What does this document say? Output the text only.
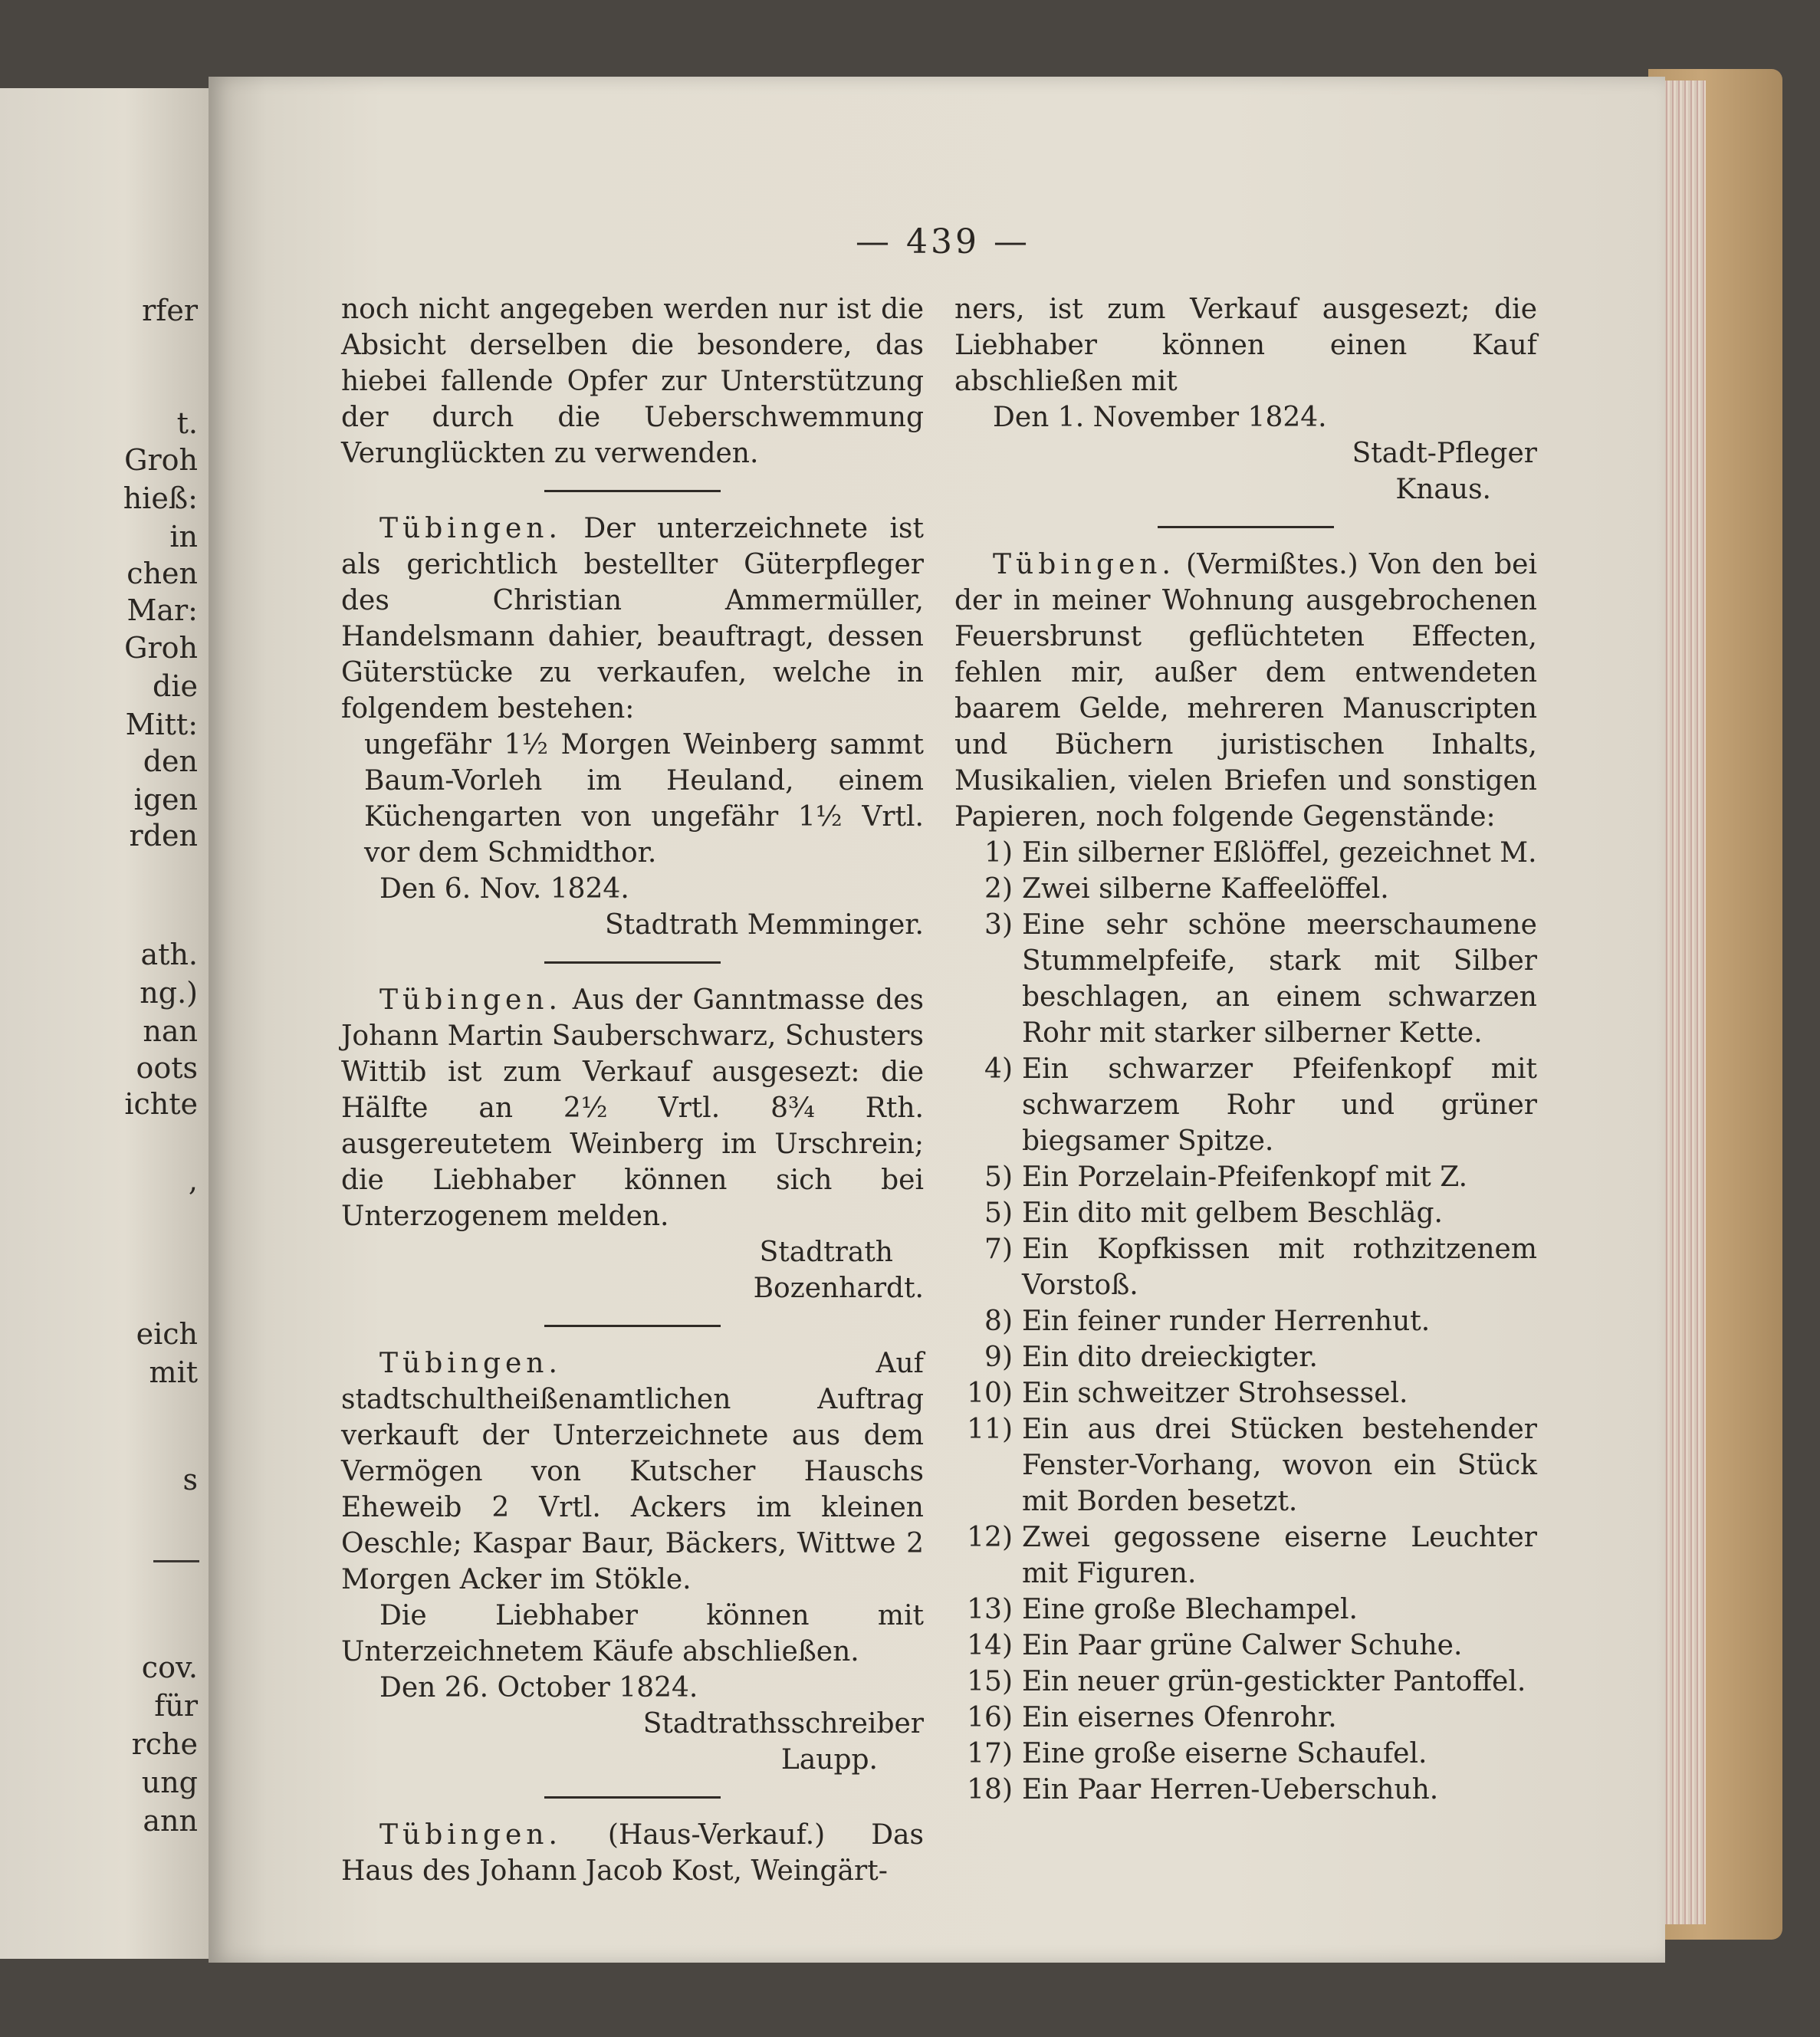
rfer
t.
Groh
hieß:
in
chen
Mar:
Groh
die
Mitt:
den
igen
rden
ath.
ng.)
nan
oots
ichte
,
eich
mit
s
cov.
für
rche
ung
ann
— 439 —

noch nicht angegeben werden nur ist die Absicht derselben die besondere, das hiebei fallende Opfer zur Unterstützung der durch die Ueberschwemmung Verunglückten zu verwenden.

Tübingen. Der unterzeichnete ist als gerichtlich bestellter Güterpfleger des Christian Ammermüller, Handelsmann dahier, beauftragt, dessen Güterstücke zu verkaufen, welche in folgendem bestehen:

ungefähr 1½ Morgen Weinberg sammt Baum-Vorleh im Heuland, einem Küchengarten von ungefähr 1½ Vrtl. vor dem Schmidthor.

Den 6. Nov. 1824.

Stadtrath Memminger.

Tübingen. Aus der Ganntmasse des Johann Martin Sauberschwarz, Schusters Wittib ist zum Verkauf ausgesezt: die Hälfte an 2½ Vrtl. 8¾ Rth. ausgereutetem Weinberg im Urschrein; die Liebhaber können sich bei Unterzogenem melden.

Stadtrath

Bozenhardt.

Tübingen.	Auf stadtschultheißenamtlichen Auftrag verkauft der Unterzeichnete aus dem Vermögen von Kutscher Hauschs Eheweib 2 Vrtl. Ackers im kleinen Oeschle; Kaspar Baur, Bäckers, Wittwe 2 Morgen Acker im Stökle.

Die Liebhaber können mit Unterzeichnetem Käufe abschließen.

Den 26. October 1824.

Stadtrathsschreiber

Laupp.

Tübingen. (Haus-Verkauf.) Das Haus des Johann Jacob Kost, Weingärt-

ners, ist zum Verkauf ausgesezt; die Liebhaber können einen Kauf abschließen mit

Den 1. November 1824.

Stadt-Pfleger

Knaus.

Tübingen. (Vermißtes.) Von den bei der in meiner Wohnung ausgebrochenen Feuersbrunst geflüchteten Effecten, fehlen mir, außer dem entwendeten baarem Gelde, mehreren Manuscripten und Büchern juristischen Inhalts, Musikalien, vielen Briefen und sonstigen Papieren, noch folgende Gegenstände:

1) Ein silberner Eßlöffel, gezeichnet M.
2) Zwei silberne Kaffeelöffel.
3) Eine sehr schöne meerschaumene Stummelpfeife, stark mit Silber beschlagen, an einem schwarzen Rohr mit starker silberner Kette.
4) Ein schwarzer Pfeifenkopf mit schwarzem Rohr und grüner biegsamer Spitze.
5) Ein Porzelain-Pfeifenkopf mit Z.
5) Ein dito mit gelbem Beschläg.
7) Ein Kopfkissen mit rothzitzenem Vorstoß.
8) Ein feiner runder Herrenhut.
9) Ein dito dreieckigter.
10) Ein schweitzer Strohsessel.
11) Ein aus drei Stücken bestehender Fenster-Vorhang, wovon ein Stück mit Borden besetzt.
12) Zwei gegossene eiserne Leuchter mit Figuren.
13) Eine große Blechampel.
14) Ein Paar grüne Calwer Schuhe.
15) Ein neuer grün-gestickter Pantoffel.
16) Ein eisernes Ofenrohr.
17) Eine große eiserne Schaufel.
18) Ein Paar Herren-Ueberschuh.
